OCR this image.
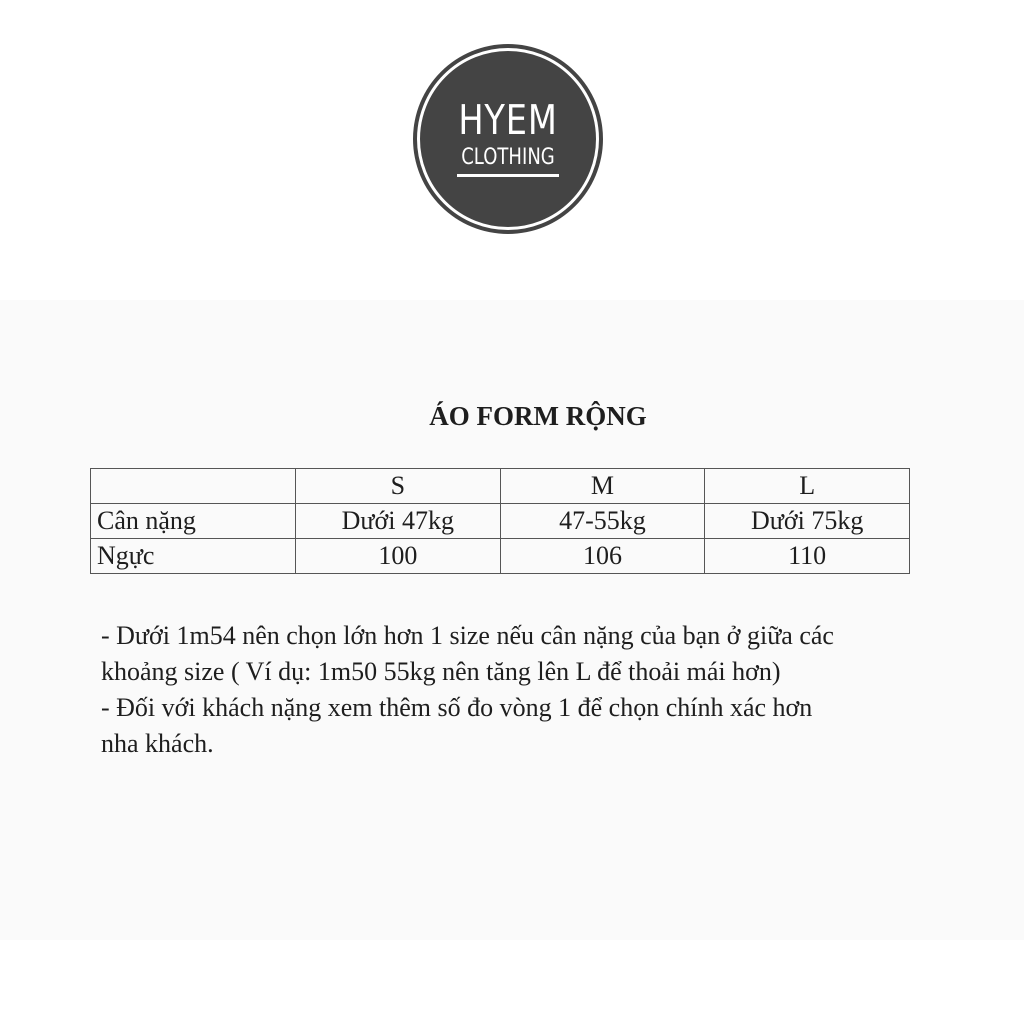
HYEM
CLOTHING
ÁO FORM RỘNG
	S	M	L
Cân nặng	Dưới 47kg	47-55kg	Dưới 75kg
Ngực	100	106	110

- Dưới 1m54 nên chọn lớn hơn 1 size nếu cân nặng của bạn ở giữa các

khoảng size ( Ví dụ: 1m50 55kg nên tăng lên L để thoải mái hơn)

- Đối với khách nặng xem thêm số đo vòng 1 để chọn chính xác hơn

nha khách.
